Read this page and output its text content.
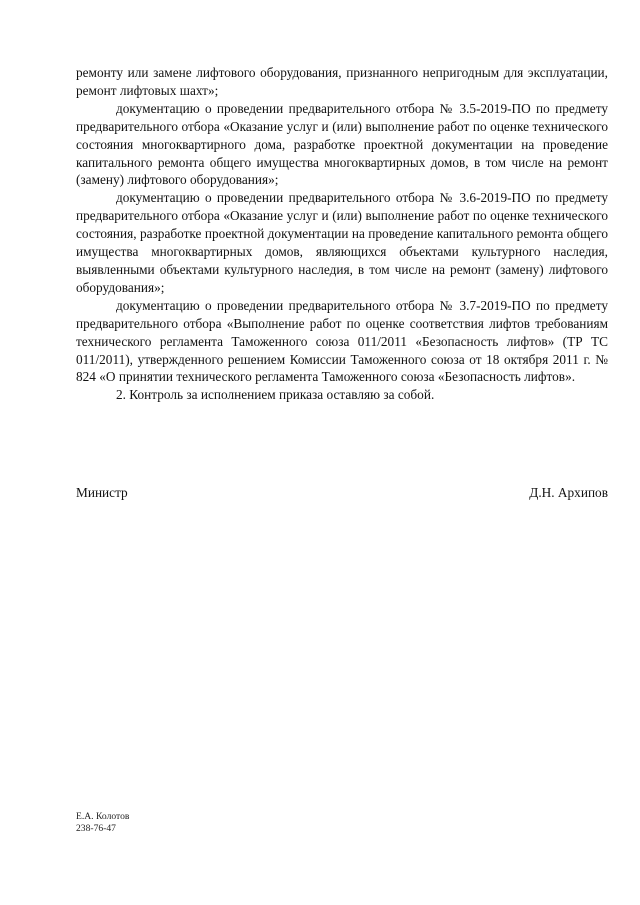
ремонту или замене лифтового оборудования, признанного непригодным для эксплуатации, ремонт лифтовых шахт»;

документацию о проведении предварительного отбора № 3.5-2019-ПО по предмету предварительного отбора «Оказание услуг и (или) выполнение работ по оценке технического состояния многоквартирного дома, разработке проектной документации на проведение капитального ремонта общего имущества многоквартирных домов, в том числе на ремонт (замену) лифтового оборудования»;

документацию о проведении предварительного отбора № 3.6-2019-ПО по предмету предварительного отбора «Оказание услуг и (или) выполнение работ по оценке технического состояния, разработке проектной документации на проведение капитального ремонта общего имущества многоквартирных домов, являющихся объектами культурного наследия, выявленными объектами культурного наследия, в том числе на ремонт (замену) лифтового оборудования»;

документацию о проведении предварительного отбора № 3.7-2019-ПО по предмету предварительного отбора «Выполнение работ по оценке соответствия лифтов требованиям технического регламента Таможенного союза 011/2011 «Безопасность лифтов» (ТР ТС 011/2011), утвержденного решением Комиссии Таможенного союза от 18 октября 2011 г. № 824 «О принятии технического регламента Таможенного союза «Безопасность лифтов».

2. Контроль за исполнением приказа оставляю за собой.

Министр	Д.Н. Архипов
Е.А. Колотов
238-76-47
